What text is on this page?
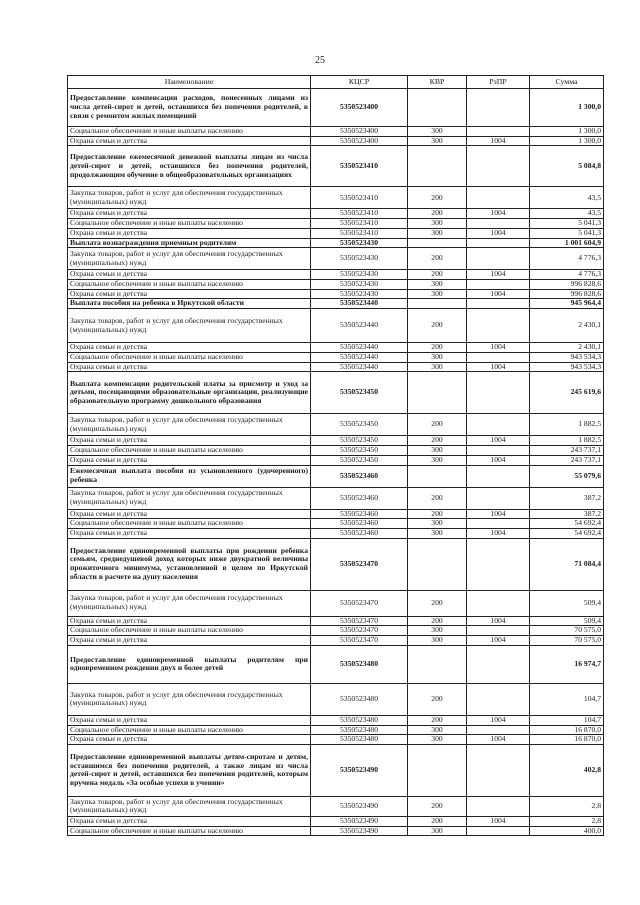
25
Наименование	КЦСР	КВР	РзПР	Сумма
Предоставление компенсации расходов, понесенных лицами из числа детей-сирот и детей, оставшихся без попечения родителей, в связи с ремонтом жилых помещений	5350523400			1 300,0
Социальное обеспечение и иные выплаты населению	5350523400	300		1 300,0
Охрана семьи и детства	5350523400	300	1004	1 300,0
Предоставление ежемесячной денежной выплаты лицам из числа детей-сирот и детей, оставшихся без попечения родителей, продолжающим обучение в общеобразовательных организациях	5350523410			5 084,8
Закупка товаров, работ и услуг для обеспечения государственных (муниципальных) нужд	5350523410	200		43,5
Охрана семьи и детства	5350523410	200	1004	43,5
Социальное обеспечение и иные выплаты населению	5350523410	300		5 041,3
Охрана семьи и детства	5350523410	300	1004	5 041,3
Выплата вознаграждения приемным родителям	5350523430			1 001 604,9
Закупка товаров, работ и услуг для обеспечения государственных (муниципальных) нужд	5350523430	200		4 776,3
Охрана семьи и детства	5350523430	200	1004	4 776,3
Социальное обеспечение и иные выплаты населению	5350523430	300		996 828,6
Охрана семьи и детства	5350523430	300	1004	996 828,6
Выплата пособия на ребенка в Иркутской области	5350523440			945 964,4
Закупка товаров, работ и услуг для обеспечения государственных (муниципальных) нужд	5350523440	200		2 430,1
Охрана семьи и детства	5350523440	200	1004	2 430,1
Социальное обеспечение и иные выплаты населению	5350523440	300		943 534,3
Охрана семьи и детства	5350523440	300	1004	943 534,3
Выплата компенсации родительской платы за присмотр и уход за детьми, посещающими образовательные организации, реализующие образовательную программу дошкольного образования	5350523450			245 619,6
Закупка товаров, работ и услуг для обеспечения государственных (муниципальных) нужд	5350523450	200		1 882,5
Охрана семьи и детства	5350523450	200	1004	1 882,5
Социальное обеспечение и иные выплаты населению	5350523450	300		243 737,1
Охрана семьи и детства	5350523450	300	1004	243 737,1
Ежемесячная выплата пособия из усыновленного (удочеренного) ребенка	5350523460			55 079,6
Закупка товаров, работ и услуг для обеспечения государственных (муниципальных) нужд	5350523460	200		387,2
Охрана семьи и детства	5350523460	200	1004	387,2
Социальное обеспечение и иные выплаты населению	5350523460	300		54 692,4
Охрана семьи и детства	5350523460	300	1004	54 692,4
Предоставление единовременной выплаты при рождении ребенка семьям, среднедушевой доход которых ниже двукратной величины прожиточного минимума, установленной в целом по Иркутской области в расчете на душу населения	5350523470			71 084,4
Закупка товаров, работ и услуг для обеспечения государственных (муниципальных) нужд	5350523470	200		509,4
Охрана семьи и детства	5350523470	200	1004	509,4
Социальное обеспечение и иные выплаты населению	5350523470	300		70 575,0
Охрана семьи и детства	5350523470	300	1004	70 575,0
Предоставление единовременной выплаты родителям при одновременном рождении двух и более детей	5350523480			16 974,7
Закупка товаров, работ и услуг для обеспечения государственных (муниципальных) нужд	5350523480	200		104,7
Охрана семьи и детства	5350523480	200	1004	104,7
Социальное обеспечение и иные выплаты населению	5350523480	300		16 870,0
Охрана семьи и детства	5350523480	300	1004	16 870,0
Предоставление единовременной выплаты детям-сиротам и детям, оставшимся без попечения родителей, а также лицам из числа детей-сирот и детей, оставшихся без попечения родителей, которым вручена медаль «За особые успехи в учении»	5350523490			402,8
Закупка товаров, работ и услуг для обеспечения государственных (муниципальных) нужд	5350523490	200		2,8
Охрана семьи и детства	5350523490	200	1004	2,8
Социальное обеспечение и иные выплаты населению	5350523490	300		400,0
